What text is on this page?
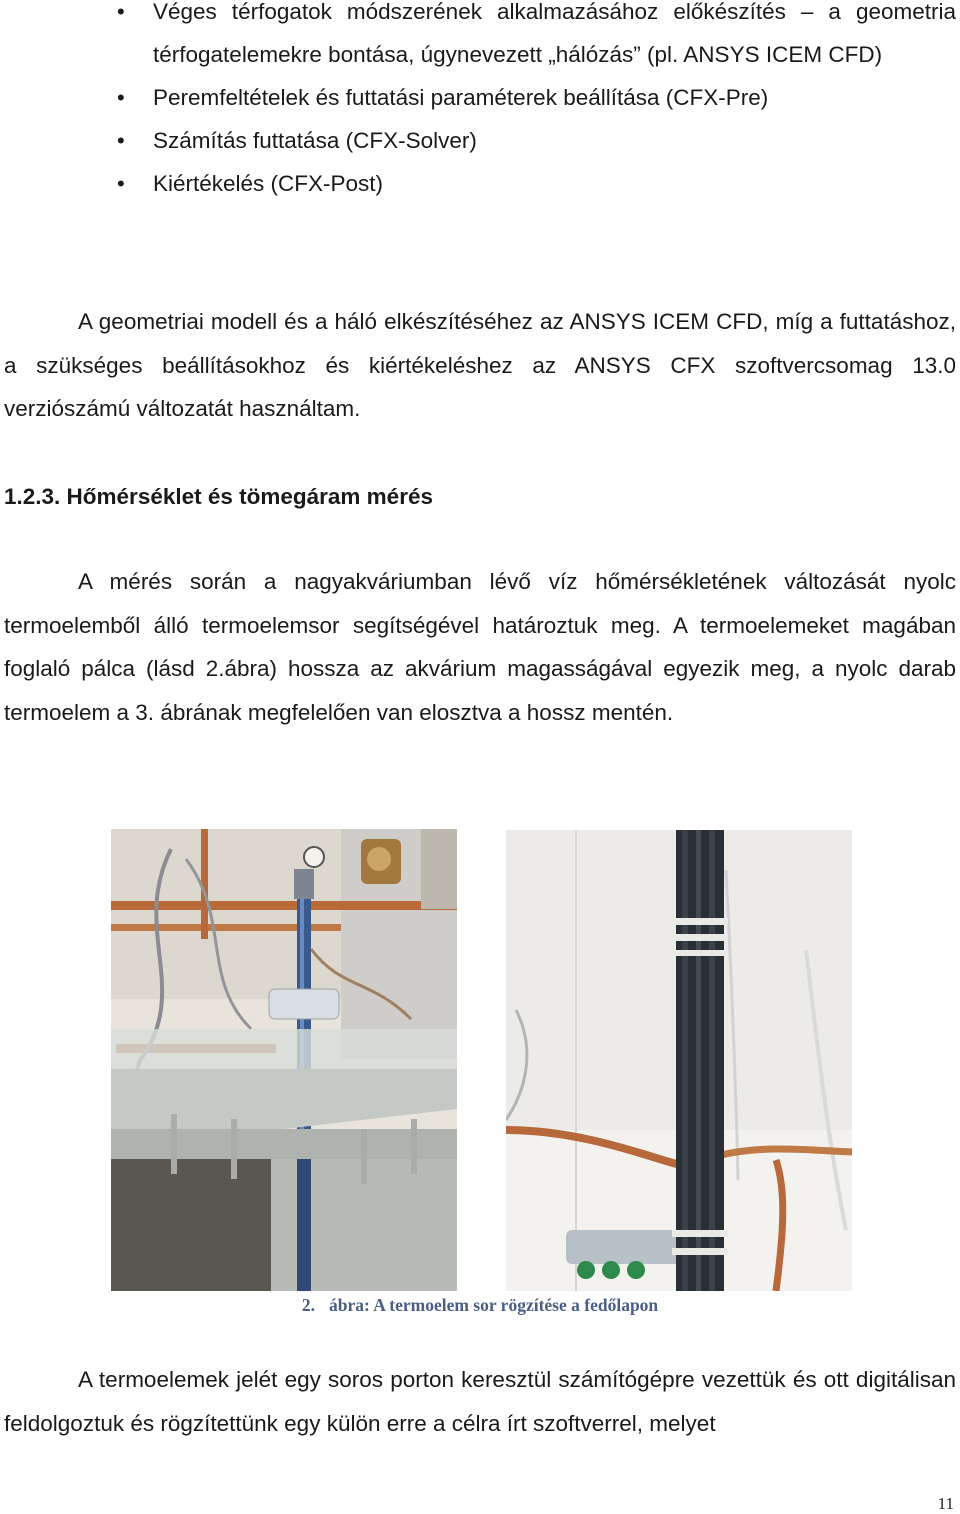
• Véges térfogatok módszerének alkalmazásához előkészítés – a geometria térfogatelemekre bontása, úgynevezett „hálózás” (pl. ANSYS ICEM CFD)
• Peremfeltételek és futtatási paraméterek beállítása (CFX-Pre)
• Számítás futtatása (CFX-Solver)
• Kiértékelés (CFX-Post)

A geometriai modell és a háló elkészítéséhez az ANSYS ICEM CFD, míg a futtatáshoz, a szükséges beállításokhoz és kiértékeléshez az ANSYS CFX szoftvercsomag 13.0 verziószámú változatát használtam.

1.2.3. Hőmérséklet és tömegáram mérés

A mérés során a nagyakváriumban lévő víz hőmérsékletének változását nyolc termoelemből álló termoelemsor segítségével határoztuk meg. A termoelemeket magában foglaló pálca (lásd 2.ábra) hossza az akvárium magasságával egyezik meg, a nyolc darab termoelem a 3. ábrának megfelelően van elosztva a hossz mentén.

2. ábra: A termoelem sor rögzítése a fedőlapon

A termoelemek jelét egy soros porton keresztül számítógépre vezettük és ott digitálisan feldolgoztuk és rögzítettünk egy külön erre a célra írt szoftverrel, melyet

11
